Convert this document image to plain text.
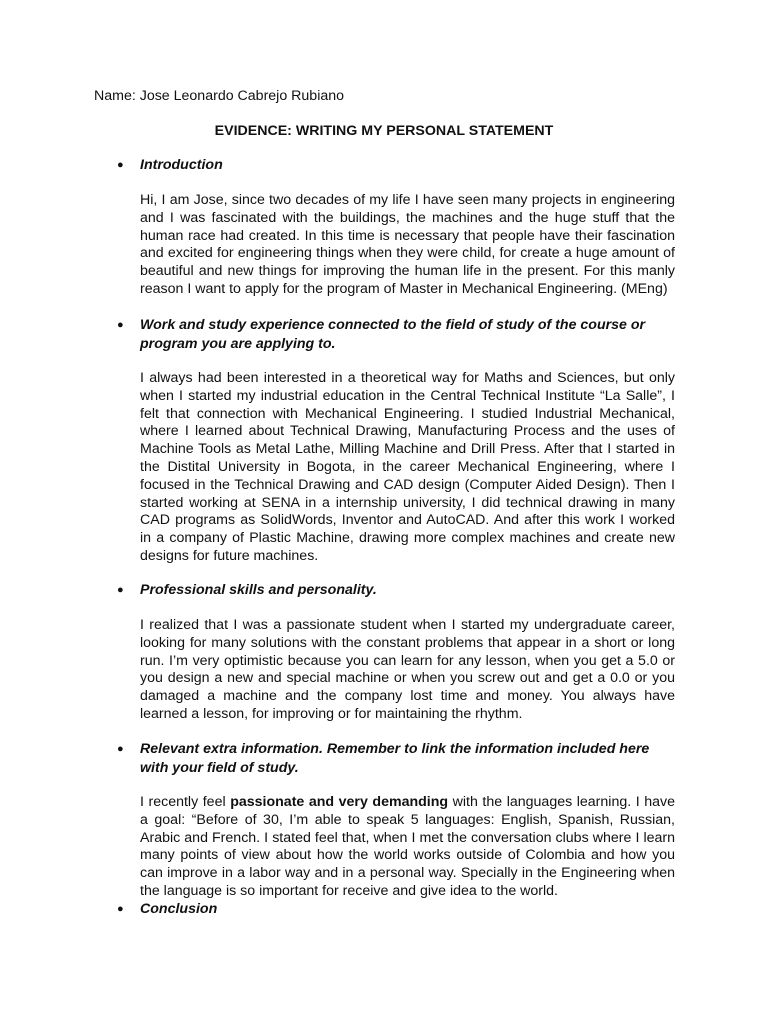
Name: Jose Leonardo Cabrejo Rubiano
EVIDENCE: WRITING MY PERSONAL STATEMENT
● Introduction

Hi, I am Jose, since two decades of my life I have seen many projects in engineering and I was fascinated with the buildings, the machines and the huge stuff that the human race had created. In this time is necessary that people have their fascination and excited for engineering things when they were child, for create a huge amount of beautiful and new things for improving the human life in the present. For this manly reason I want to apply for the program of Master in Mechanical Engineering. (MEng)

● Work and study experience connected to the field of study of the course or program you are applying to.

I always had been interested in a theoretical way for Maths and Sciences, but only when I started my industrial education in the Central Technical Institute “La Salle”, I felt that connection with Mechanical Engineering. I studied Industrial Mechanical, where I learned about Technical Drawing, Manufacturing Process and the uses of Machine Tools as Metal Lathe, Milling Machine and Drill Press. After that I started in the Distital University in Bogota, in the career Mechanical Engineering, where I focused in the Technical Drawing and CAD design (Computer Aided Design). Then I started working at SENA in a internship university, I did technical drawing in many CAD programs as SolidWords, Inventor and AutoCAD. And after this work I worked in a company of Plastic Machine, drawing more complex machines and create new designs for future machines.

● Professional skills and personality.

I realized that I was a passionate student when I started my undergraduate career, looking for many solutions with the constant problems that appear in a short or long run. I’m very optimistic because you can learn for any lesson, when you get a 5.0 or you design a new and special machine or when you screw out and get a 0.0 or you damaged a machine and the company lost time and money. You always have learned a lesson, for improving or for maintaining the rhythm.

● Relevant extra information. Remember to link the information included here with your field of study.

I recently feel passionate and very demanding with the languages learning. I have a goal: “Before of 30, I’m able to speak 5 languages: English, Spanish, Russian, Arabic and French. I stated feel that, when I met the conversation clubs where I learn many points of view about how the world works outside of Colombia and how you can improve in a labor way and in a personal way. Specially in the Engineering when the language is so important for receive and give idea to the world.

● Conclusion
